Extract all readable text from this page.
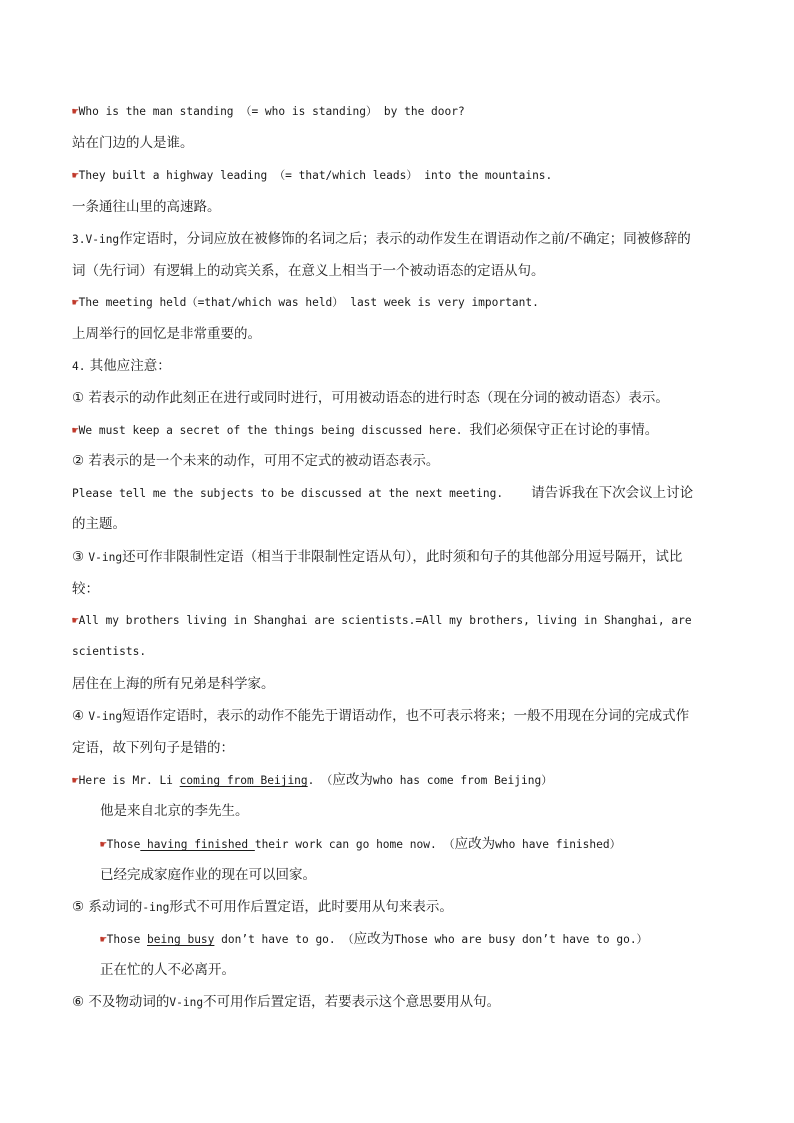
☛Who is the man standing （= who is standing） by the door?
站在门边的人是谁。
☛They built a highway leading （= that/which leads） into the mountains.
一条通往山里的高速路。
3.V-ing作定语时，分词应放在被修饰的名词之后；表示的动作发生在谓语动作之前/不确定；同被修辞的
词（先行词）有逻辑上的动宾关系，在意义上相当于一个被动语态的定语从句。
☛The meeting held（=that/which was held） last week is very important.
上周举行的回忆是非常重要的。
4. 其他应注意：
① 若表示的动作此刻正在进行或同时进行，可用被动语态的进行时态（现在分词的被动语态）表示。
☛We must keep a secret of the things being discussed here. 我们必须保守正在讨论的事情。
② 若表示的是一个未来的动作，可用不定式的被动语态表示。
Please tell me the subjects to be discussed at the next meeting. 请告诉我在下次会议上讨论
的主题。
③ V-ing还可作非限制性定语（相当于非限制性定语从句），此时须和句子的其他部分用逗号隔开，试比
较：
☛All my brothers living in Shanghai are scientists.=All my brothers, living in Shanghai, are
scientists.
居住在上海的所有兄弟是科学家。
④ V-ing短语作定语时，表示的动作不能先于谓语动作，也不可表示将来；一般不用现在分词的完成式作
定语，故下列句子是错的：
☛Here is Mr. Li coming from Beijing. （应改为who has come from Beijing）
他是来自北京的李先生。
☛Those having finished their work can go home now. （应改为who have finished）
已经完成家庭作业的现在可以回家。
⑤ 系动词的-ing形式不可用作后置定语，此时要用从句来表示。
☛Those being busy don’t have to go. （应改为Those who are busy don’t have to go.）
正在忙的人不必离开。
⑥ 不及物动词的V-ing不可用作后置定语，若要表示这个意思要用从句。
